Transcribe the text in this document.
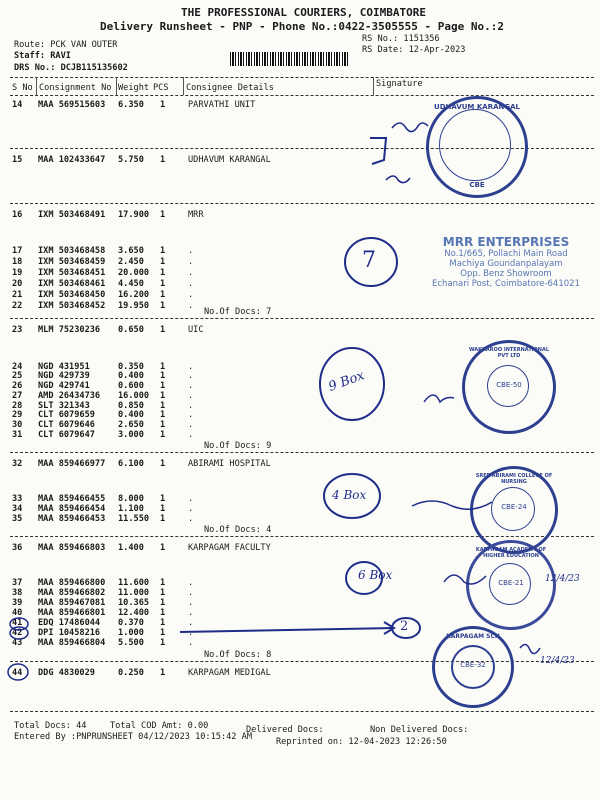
THE PROFESSIONAL COURIERS, COIMBATORE
Delivery Runsheet - PNP - Phone No.:0422-3505555 - Page No.:2
Route: PCK VAN OUTER
Staff: RAVI
DRS No.: DCJB115135602
RS No.: 1151356
RS Date: 12-Apr-2023
S No Consignment No Weight PCS Consignee Details	Signature
14 MAA 569515603 6.350 1	PARVATHI UNIT
15 MAA 102433647 5.750 1	UDHAVUM KARANGAL
16 IXM 503468491 17.900 1	MRR
17 IXM 503468458 3.650 1	.
18 IXM 503468459 2.450 1	.
19 IXM 503468451 20.000 1	.
20 IXM 503468461 4.450 1	.
21 IXM 503468450 16.200 1	.
22 IXM 503468452 19.950 1	.
23 MLM 75230236 0.650 1	UIC
24 NGD 431951	0.350 1	.
25 NGD 429739	0.400 1	.
26 NGD 429741	0.600 1	.
27 AMD 26434736 16.000 1	.
28 SLT 321343	0.850 1	.
29 CLT 6079659	0.400 1	.
30 CLT 6079646	2.650 1	.
31 CLT 6079647	3.000 1	.
32 MAA 859466977 6.100 1	ABIRAMI HOSPITAL
33 MAA 859466455 8.000 1	.
34 MAA 859466454 1.100 1	.
35 MAA 859466453 11.550 1	.
36 MAA 859466803 1.400 1	KARPAGAM FACULTY
37 MAA 859466800 11.600 1	.
38 MAA 859466802 11.000 1	.
39 MAA 859467081 10.365 1	.
40 MAA 859466801 12.400 1	.
41 EDQ 17486044 0.370 1	.
42 DPI 10458216 1.000 1	.
43 MAA 859466804 5.500 1	.
44 DDG 4830029	0.250 1	KARPAGAM MEDIGAL
No.Of Docs: 7
No.Of Docs: 9
No.Of Docs: 4
No.Of Docs: 8
UDHAVUM KARANGAL
CBE
MRR ENTERPRISES
No.1/665, Pollachi Main Road
Machiya Goundanpalayam
Opp. Benz Showroom
Echanari Post, Coimbatore-641021
CBE-50
WAKKAROO INTERNATIONAL PVT LTD
CBE-24
SREE ABIRAMI COLLEGE OF NURSING
CBE-21
KARPAGAM ACADEMY OF HIGHER EDUCATION
CBE-32
KARPAGAM SCH
7
9 Box
4 Box
6 Box
2
12/4/23
12/4/23
Total Docs: 44	Total COD Amt: 0.00	Delivered Docs:	Non Delivered Docs:
Entered By :PNPRUNSHEET 04/12/2023 10:15:42 AM	Reprinted on: 12-04-2023 12:26:50
